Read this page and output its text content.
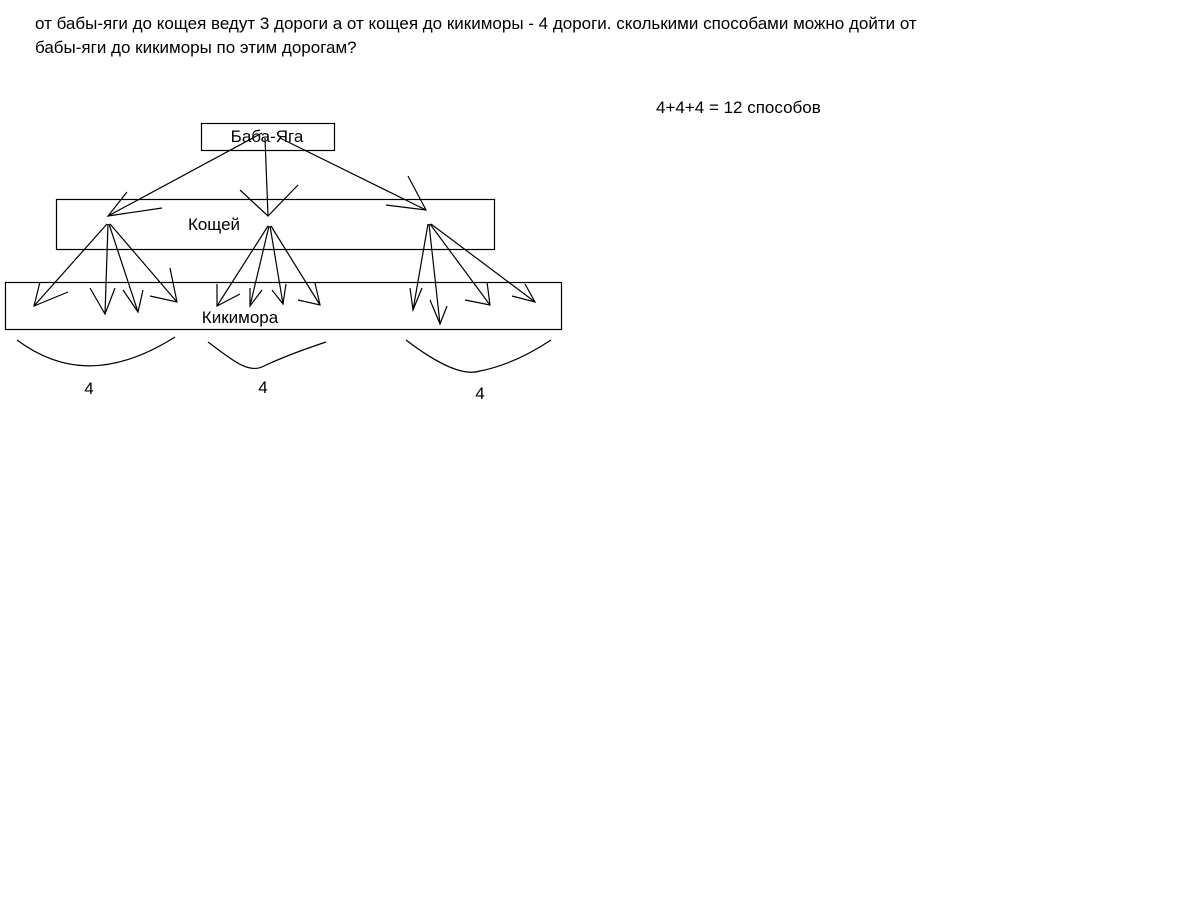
от бабы-яги до кощея ведут 3 дороги а от кощея до кикиморы - 4 дороги. сколькими способами можно дойти от бабы-яги до кикиморы по этим дорогам?
4+4+4 = 12 способов
Баба-Яга
Кощей
Кикимора
4	4	4
